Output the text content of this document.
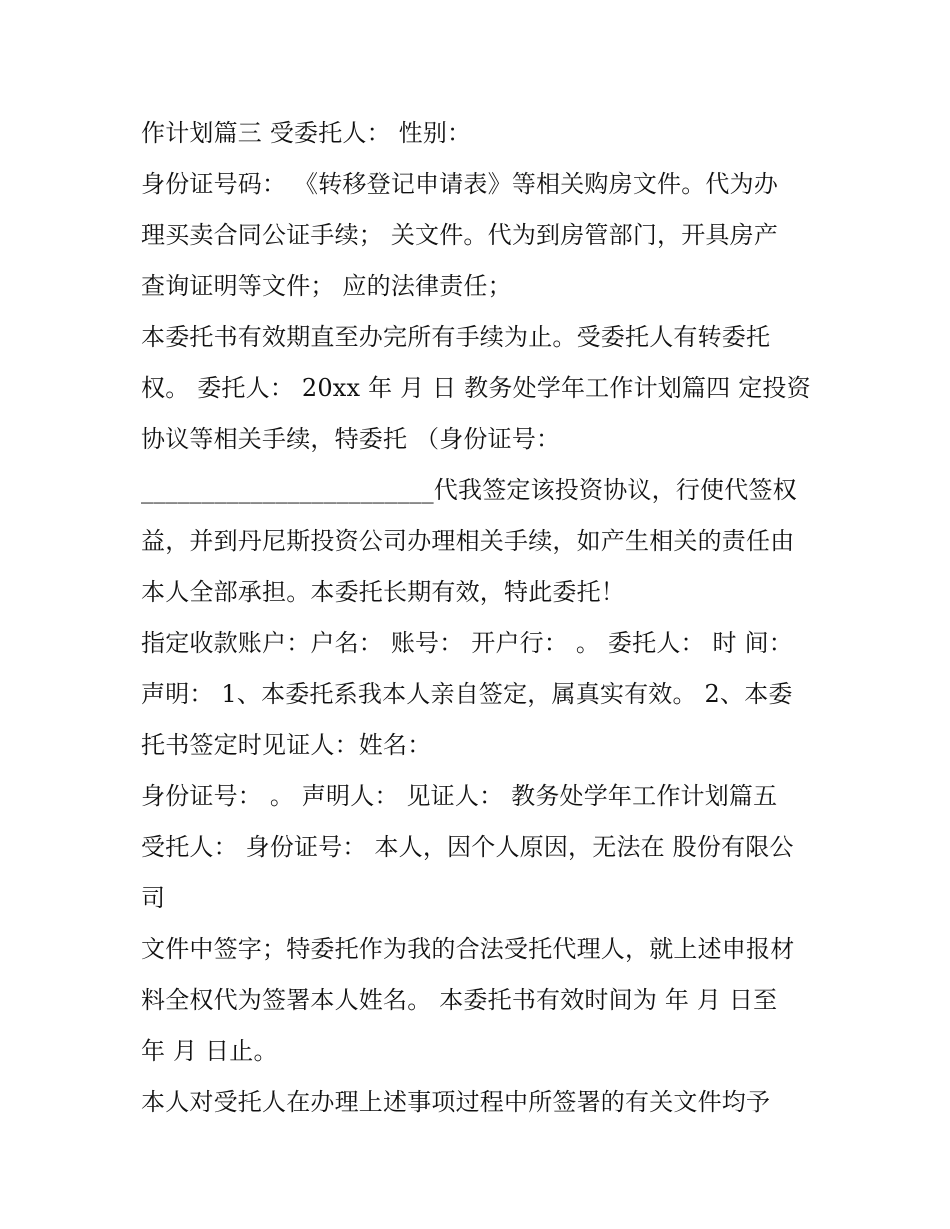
作计划篇三 受委托人： 性别：

身份证号码： 《转移登记申请表》等相关购房文件。代为办

理买卖合同公证手续； 关文件。代为到房管部门，开具房产

查询证明等文件； 应的法律责任；

本委托书有效期直至办完所有手续为止。受委托人有转委托

权。 委托人： 20xx 年 月 日 教务处学年工作计划篇四 定投资

协议等相关手续，特委托 （身份证号：

________________________代我签定该投资协议，行使代签权

益，并到丹尼斯投资公司办理相关手续，如产生相关的责任由

本人全部承担。本委托长期有效，特此委托！

指定收款账户：户名： 账号： 开户行： 。 委托人： 时 间：

声明： 1、本委托系我本人亲自签定，属真实有效。 2、本委

托书签定时见证人：姓名：

身份证号： 。 声明人： 见证人： 教务处学年工作计划篇五

受托人： 身份证号： 本人，因个人原因，无法在 股份有限公

司

文件中签字；特委托作为我的合法受托代理人，就上述申报材

料全权代为签署本人姓名。 本委托书有效时间为 年 月 日至

年 月 日止。

本人对受托人在办理上述事项过程中所签署的有关文件均予
